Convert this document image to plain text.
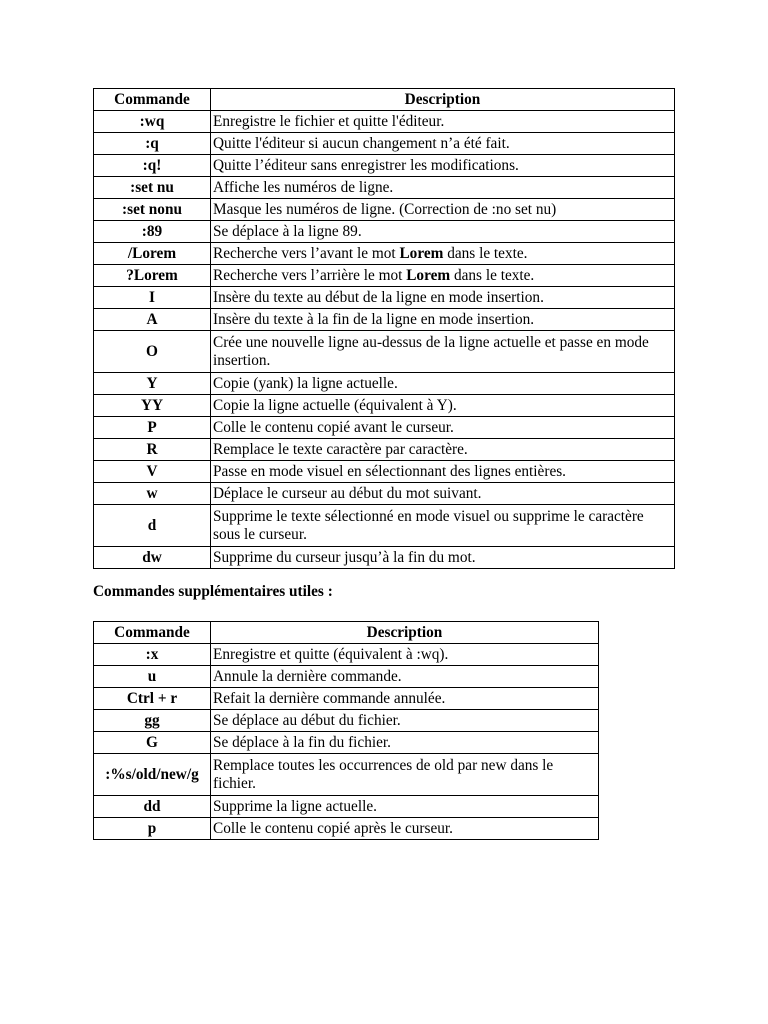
Commande	Description
:wq	Enregistre le fichier et quitte l'éditeur.
:q	Quitte l'éditeur si aucun changement n’a été fait.
:q!	Quitte l’éditeur sans enregistrer les modifications.
:set nu	Affiche les numéros de ligne.
:set nonu	Masque les numéros de ligne. (Correction de :no set nu)
:89	Se déplace à la ligne 89.
/Lorem	Recherche vers l’avant le mot Lorem dans le texte.
?Lorem	Recherche vers l’arrière le mot Lorem dans le texte.
I	Insère du texte au début de la ligne en mode insertion.
A	Insère du texte à la fin de la ligne en mode insertion.
O	Crée une nouvelle ligne au-dessus de la ligne actuelle et passe en mode insertion.
Y	Copie (yank) la ligne actuelle.
YY	Copie la ligne actuelle (équivalent à Y).
P	Colle le contenu copié avant le curseur.
R	Remplace le texte caractère par caractère.
V	Passe en mode visuel en sélectionnant des lignes entières.
w	Déplace le curseur au début du mot suivant.
d	Supprime le texte sélectionné en mode visuel ou supprime le caractère sous le curseur.
dw	Supprime du curseur jusqu’à la fin du mot.

Commandes supplémentaires utiles :

Commande	Description
:x	Enregistre et quitte (équivalent à :wq).
u	Annule la dernière commande.
Ctrl + r	Refait la dernière commande annulée.
gg	Se déplace au début du fichier.
G	Se déplace à la fin du fichier.
:%s/old/new/g	Remplace toutes les occurrences de old par new dans le fichier.
dd	Supprime la ligne actuelle.
p	Colle le contenu copié après le curseur.
